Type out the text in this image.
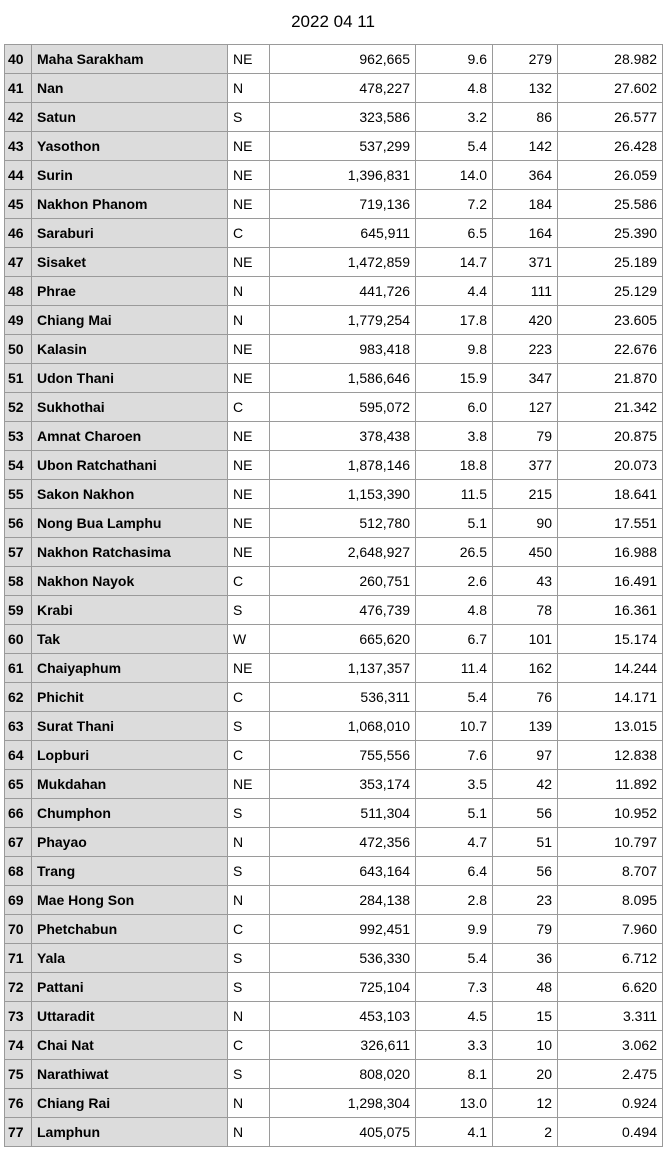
2022 04 11
40	Maha Sarakham	NE	962,665	9.6	279	28.982
41	Nan	N	478,227	4.8	132	27.602
42	Satun	S	323,586	3.2	86	26.577
43	Yasothon	NE	537,299	5.4	142	26.428
44	Surin	NE	1,396,831	14.0	364	26.059
45	Nakhon Phanom	NE	719,136	7.2	184	25.586
46	Saraburi	C	645,911	6.5	164	25.390
47	Sisaket	NE	1,472,859	14.7	371	25.189
48	Phrae	N	441,726	4.4	111	25.129
49	Chiang Mai	N	1,779,254	17.8	420	23.605
50	Kalasin	NE	983,418	9.8	223	22.676
51	Udon Thani	NE	1,586,646	15.9	347	21.870
52	Sukhothai	C	595,072	6.0	127	21.342
53	Amnat Charoen	NE	378,438	3.8	79	20.875
54	Ubon Ratchathani	NE	1,878,146	18.8	377	20.073
55	Sakon Nakhon	NE	1,153,390	11.5	215	18.641
56	Nong Bua Lamphu	NE	512,780	5.1	90	17.551
57	Nakhon Ratchasima	NE	2,648,927	26.5	450	16.988
58	Nakhon Nayok	C	260,751	2.6	43	16.491
59	Krabi	S	476,739	4.8	78	16.361
60	Tak	W	665,620	6.7	101	15.174
61	Chaiyaphum	NE	1,137,357	11.4	162	14.244
62	Phichit	C	536,311	5.4	76	14.171
63	Surat Thani	S	1,068,010	10.7	139	13.015
64	Lopburi	C	755,556	7.6	97	12.838
65	Mukdahan	NE	353,174	3.5	42	11.892
66	Chumphon	S	511,304	5.1	56	10.952
67	Phayao	N	472,356	4.7	51	10.797
68	Trang	S	643,164	6.4	56	8.707
69	Mae Hong Son	N	284,138	2.8	23	8.095
70	Phetchabun	C	992,451	9.9	79	7.960
71	Yala	S	536,330	5.4	36	6.712
72	Pattani	S	725,104	7.3	48	6.620
73	Uttaradit	N	453,103	4.5	15	3.311
74	Chai Nat	C	326,611	3.3	10	3.062
75	Narathiwat	S	808,020	8.1	20	2.475
76	Chiang Rai	N	1,298,304	13.0	12	0.924
77	Lamphun	N	405,075	4.1	2	0.494
